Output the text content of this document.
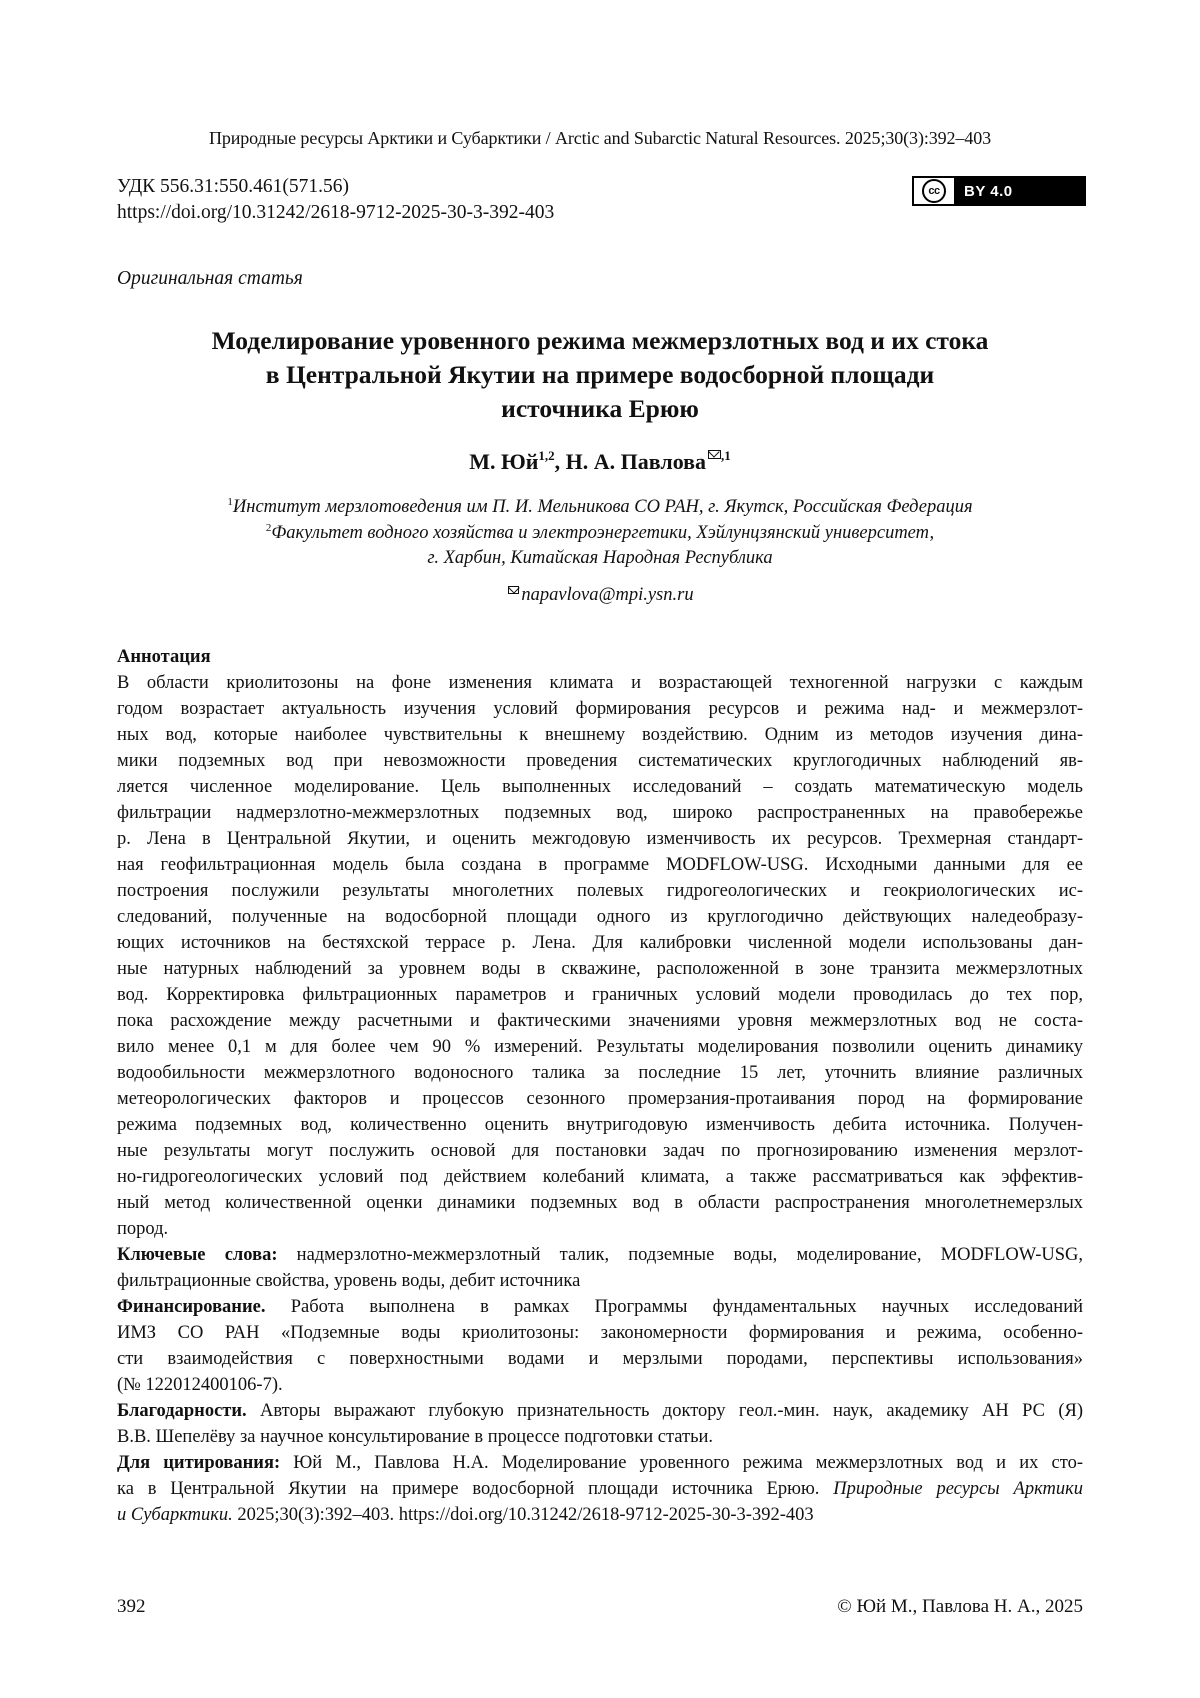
Природные ресурсы Арктики и Субарктики / Arctic and Subarctic Natural Resources. 2025;30(3):392–403
УДК 556.31:550.461(571.56)
https://doi.org/10.31242/2618-9712-2025-30-3-392-403
cc	BY 4.0
Оригинальная статья
Моделирование уровенного режима межмерзлотных вод и их стока
в Центральной Якутии на примере водосборной площади
источника Ерюю
М. Юй$^{1,2}$, Н. А. Павлова $^{,1}$
$^1$Институт мерзлотоведения им П. И. Мельникова СО РАН, г. Якутск, Российская Федерация
$^2$Факультет водного хозяйства и электроэнергетики, Хэйлунцзянский университет,
г. Харбин, Китайская Народная Республика
napavlova@mpi.ysn.ru
Аннотация
В области криолитозоны на фоне изменения климата и возрастающей техногенной нагрузки с каждым
годом возрастает актуальность изучения условий формирования ресурсов и режима над- и межмерзлот-
ных вод, которые наиболее чувствительны к внешнему воздействию. Одним из методов изучения дина-
мики подземных вод при невозможности проведения систематических круглогодичных наблюдений яв-
ляется численное моделирование. Цель выполненных исследований – создать математическую модель
фильтрации надмерзлотно-межмерзлотных подземных вод, широко распространенных на правобережье
р. Лена в Центральной Якутии, и оценить межгодовую изменчивость их ресурсов. Трехмерная стандарт-
ная геофильтрационная модель была создана в программе MODFLOW-USG. Исходными данными для ее
построения послужили результаты многолетних полевых гидрогеологических и геокриологических ис-
следований, полученные на водосборной площади одного из круглогодично действующих наледеобразу-
ющих источников на бестяхской террасе р. Лена. Для калибровки численной модели использованы дан-
ные натурных наблюдений за уровнем воды в скважине, расположенной в зоне транзита межмерзлотных
вод. Корректировка фильтрационных параметров и граничных условий модели проводилась до тех пор,
пока расхождение между расчетными и фактическими значениями уровня межмерзлотных вод не соста-
вило менее 0,1 м для более чем 90 % измерений. Результаты моделирования позволили оценить динамику
водообильности межмерзлотного водоносного талика за последние 15 лет, уточнить влияние различных
метеорологических факторов и процессов сезонного промерзания-протаивания пород на формирование
режима подземных вод, количественно оценить внутригодовую изменчивость дебита источника. Получен-
ные результаты могут послужить основой для постановки задач по прогнозированию изменения мерзлот-
но-гидрогеологических условий под действием колебаний климата, а также рассматриваться как эффектив-
ный метод количественной оценки динамики подземных вод в области распространения многолетнемерзлых
пород.
Ключевые слова: надмерзлотно-межмерзлотный талик, подземные воды, моделирование, MODFLOW-USG,
фильтрационные свойства, уровень воды, дебит источника
Финансирование. Работа выполнена в рамках Программы фундаментальных научных исследований
ИМЗ СО РАН «Подземные воды криолитозоны: закономерности формирования и режима, особенно-
сти взаимодействия с поверхностными водами и мерзлыми породами, перспективы использования»
(№ 122012400106-7).
Благодарности. Авторы выражают глубокую признательность доктору геол.-мин. наук, академику АН РС (Я)
В.В. Шепелёву за научное консультирование в процессе подготовки статьи.
Для цитирования: Юй М., Павлова Н.А. Моделирование уровенного режима межмерзлотных вод и их сто-
ка в Центральной Якутии на примере водосборной площади источника Ерюю. Природные ресурсы Арктики
и Субарктики. 2025;30(3):392–403. https://doi.org/10.31242/2618-9712-2025-30-3-392-403
392	© Юй М., Павлова Н. А., 2025
